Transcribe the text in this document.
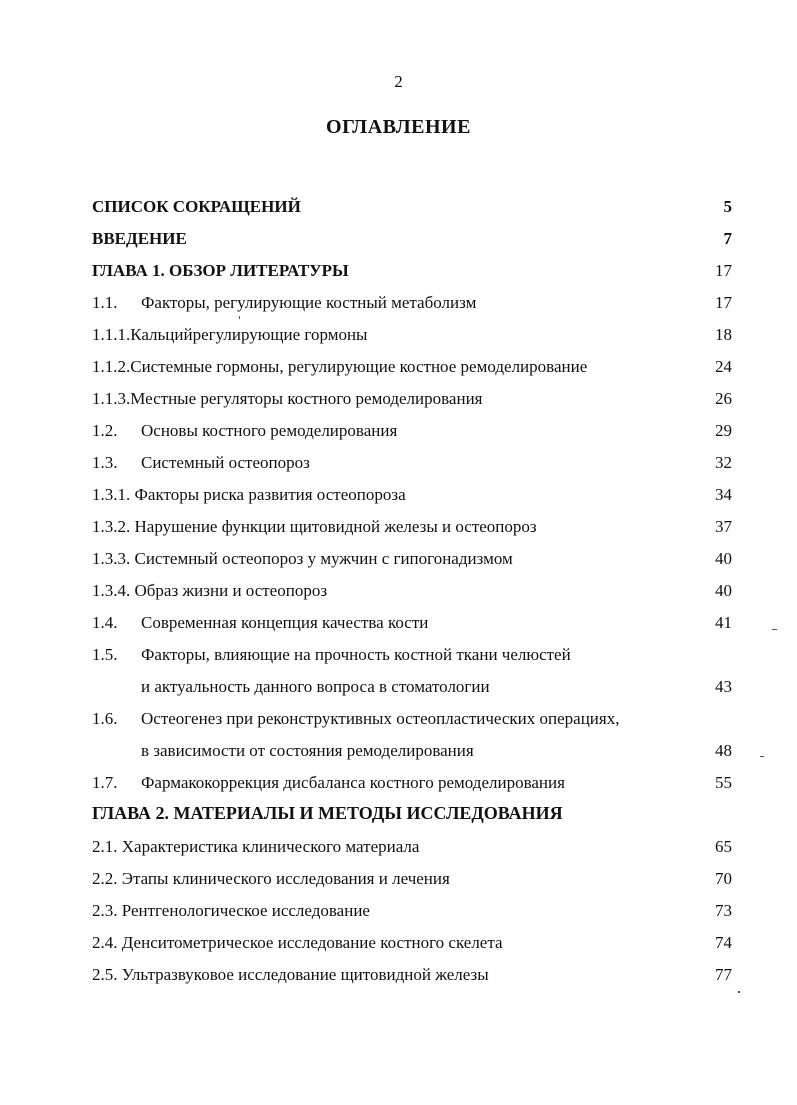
2
ОГЛАВЛЕНИЕ
СПИСОК СОКРАЩЕНИЙ	5
ВВЕДЕНИЕ	7
ГЛАВА 1. ОБЗОР ЛИТЕРАТУРЫ	17
1.1. Факторы, регулирующие костный метаболизм	17
1.1.1.Кальцийрегулирующие гормоны	18
1.1.2.Системные гормоны, регулирующие костное ремоделирование	24
1.1.3.Местные регуляторы костного ремоделирования	26
1.2. Основы костного ремоделирования	29
1.3. Системный остеопороз	32
1.3.1. Факторы риска развития остеопороза	34
1.3.2. Нарушение функции щитовидной железы и остеопороз	37
1.3.3. Системный остеопороз у мужчин с гипогонадизмом	40
1.3.4. Образ жизни и остеопороз	40
1.4. Современная концепция качества кости	41
1.5. Факторы, влияющие на прочность костной ткани челюстей
и актуальность данного вопроса в стоматологии	43
1.6. Остеогенез при реконструктивных остеопластических операциях,
в зависимости от состояния ремоделирования	48
1.7. Фармакокоррекция дисбаланса костного ремоделирования	55
ГЛАВА 2. МАТЕРИАЛЫ И МЕТОДЫ ИССЛЕДОВАНИЯ
2.1. Характеристика клинического материала	65
2.2. Этапы клинического исследования и лечения	70
2.3. Рентгенологическое исследование	73
2.4. Денситометрическое исследование костного скелета	74
2.5. Ультразвуковое исследование щитовидной железы	77
